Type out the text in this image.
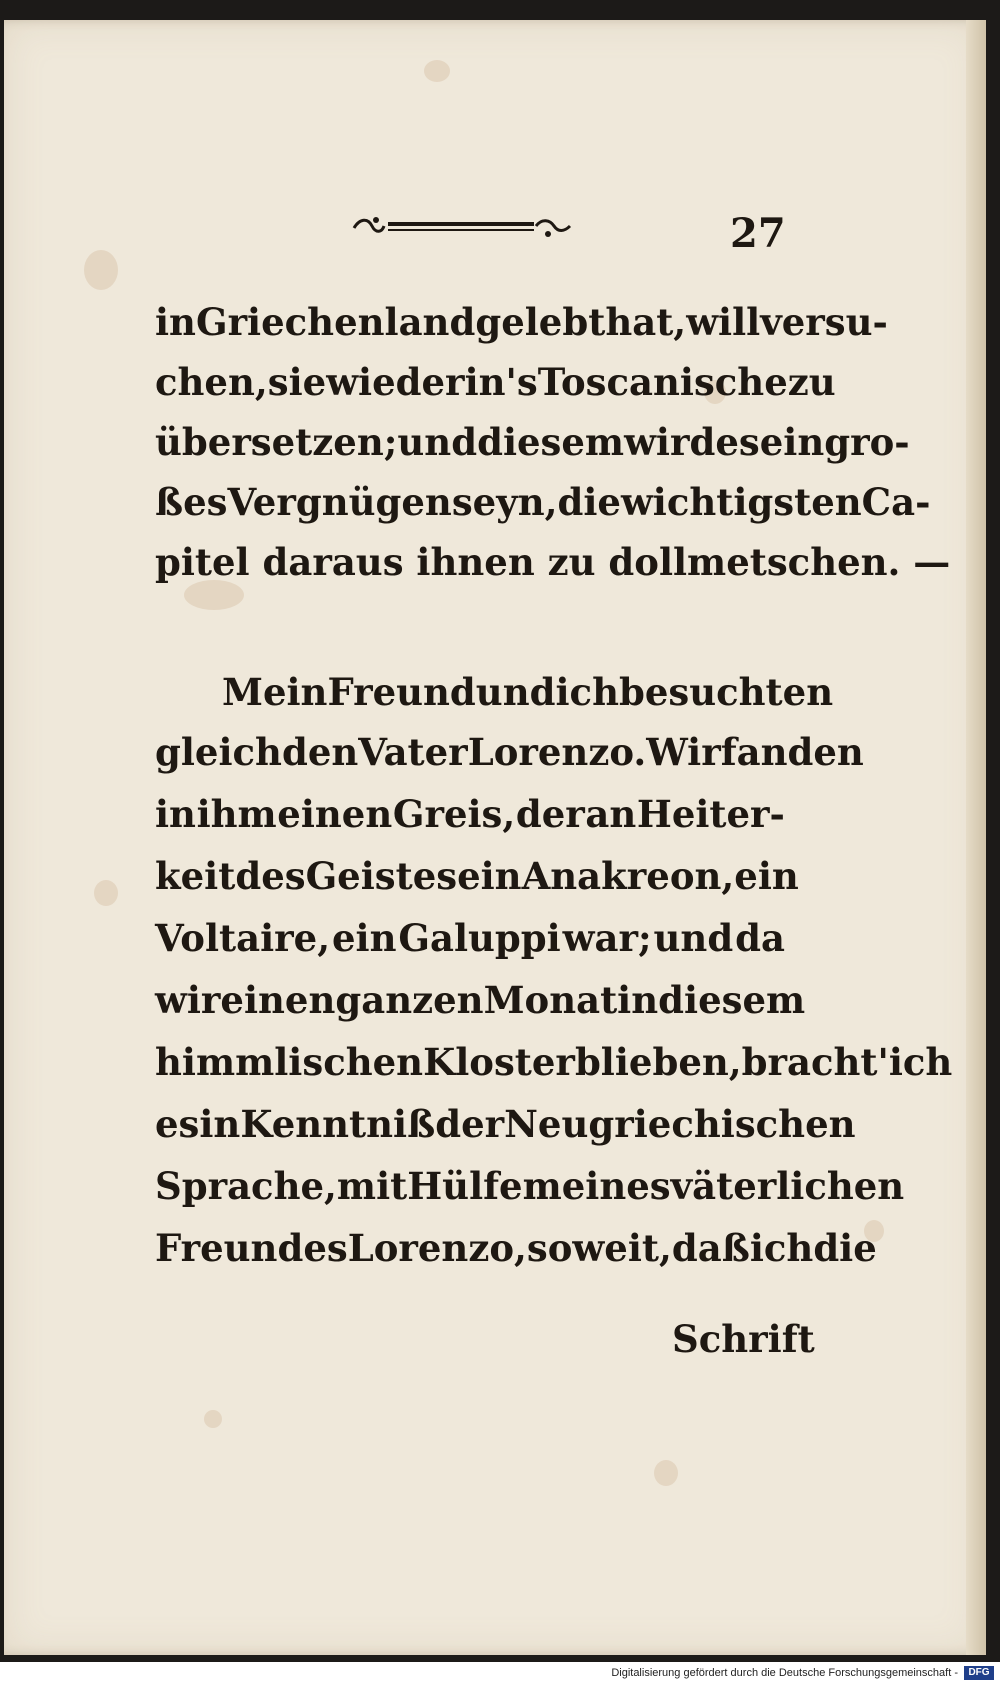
27
in Griechenland gelebt hat, will versu-
chen, sie wieder in's Toscanische zu
übersetzen; und diesem wird es ein gro-
ßes Vergnügen seyn, die wichtigsten Ca-
pitel daraus ihnen zu dollmetschen. —
Mein Freund und ich besuchten
gleich den Vater Lorenzo. Wir fanden
in ihm einen Greis, der an Heiter-
keit des Geistes ein Anakreon, ein
Voltaire, ein Galuppi war; und da
wir einen ganzen Monat in diesem
himmlischen Kloster blieben, bracht' ich
es in Kenntniß der Neugriechischen
Sprache, mit Hülfe meines väterlichen
Freundes Lorenzo, so weit, daß ich die
Schrift
Digitalisierung gefördert durch die Deutsche Forschungsgemeinschaft -	DFG
